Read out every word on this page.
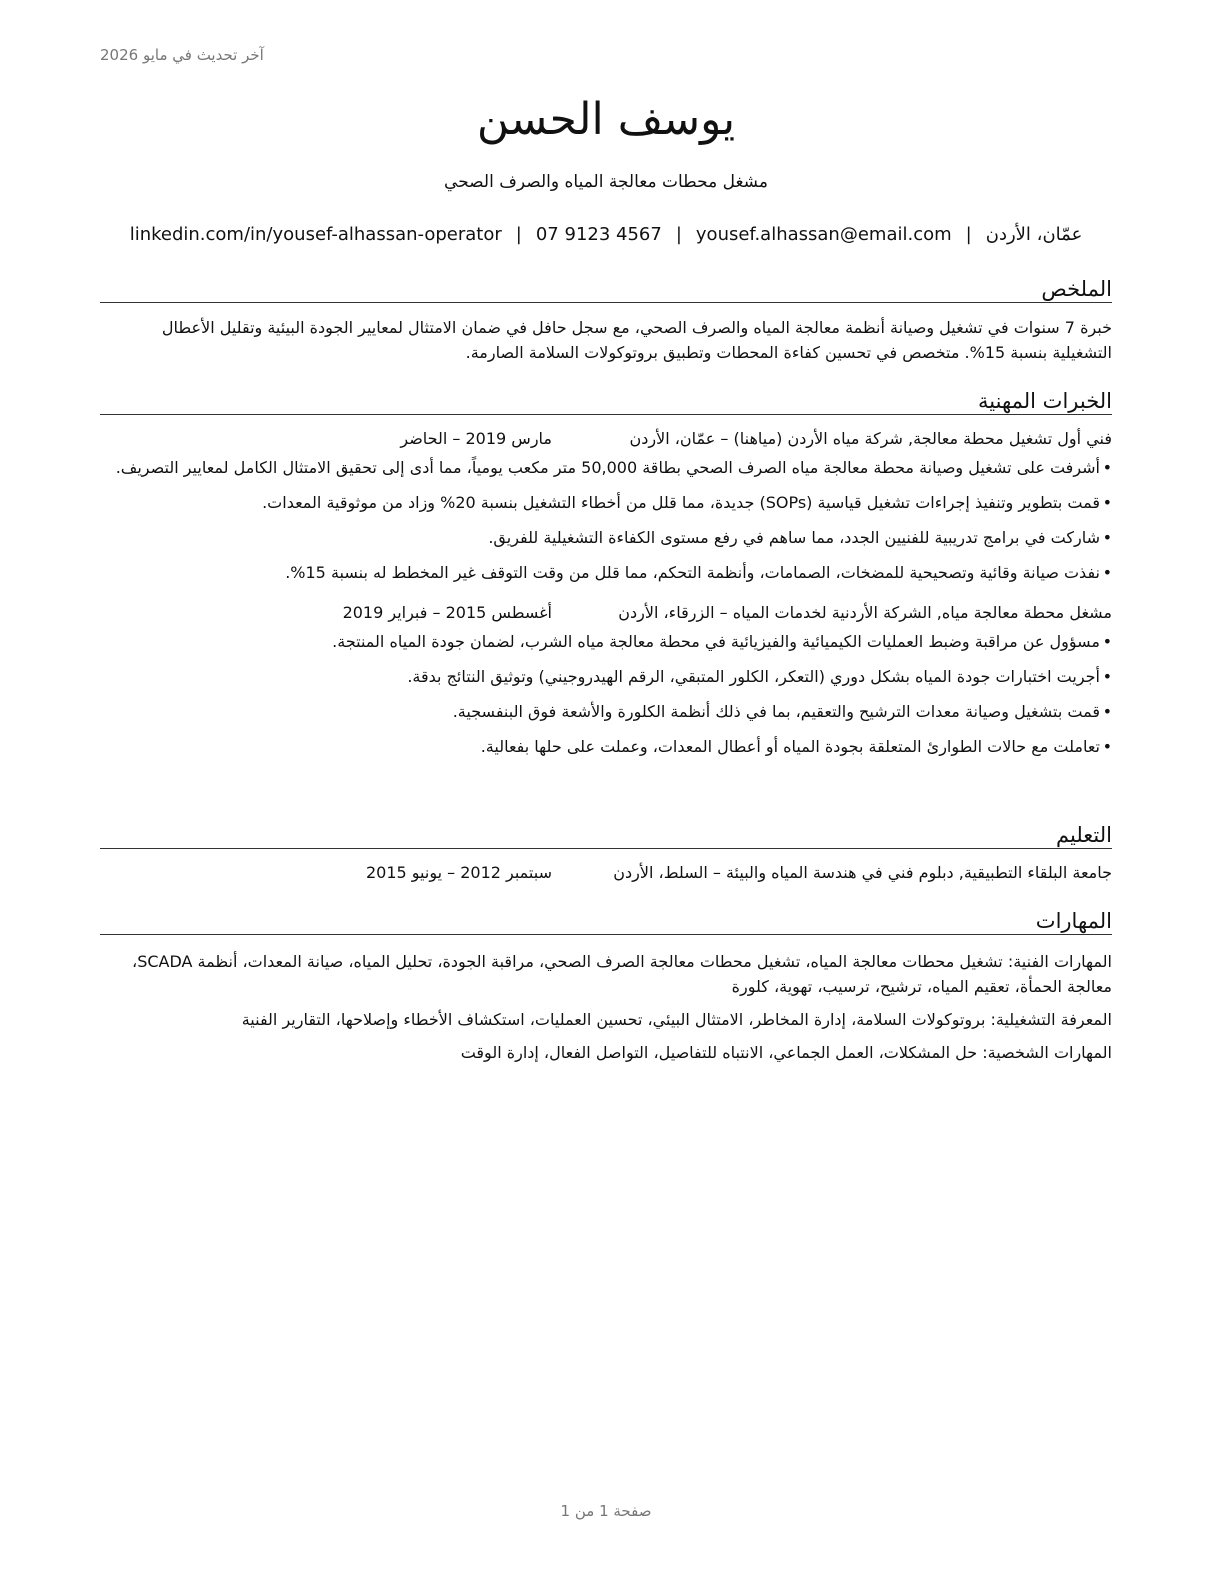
آخر تحديث في مايو 2026
يوسف الحسن
مشغل محطات معالجة المياه والصرف الصحي
عمّان، الأردن|yousef.alhassan@email.com|07 9123 4567|linkedin.com/in/yousef-alhassan-operator
الملخص
خبرة 7 سنوات في تشغيل وصيانة أنظمة معالجة المياه والصرف الصحي، مع سجل حافل في ضمان الامتثال لمعايير الجودة البيئية وتقليل الأعطال التشغيلية بنسبة 15%. متخصص في تحسين كفاءة المحطات وتطبيق بروتوكولات السلامة الصارمة.
الخبرات المهنية
فني أول تشغيل محطة معالجة, شركة مياه الأردن (مياهنا) – عمّان، الأردن
مارس 2019 – الحاضر
• أشرفت على تشغيل وصيانة محطة معالجة مياه الصرف الصحي بطاقة 50,000 متر مكعب يومياً، مما أدى إلى تحقيق الامتثال الكامل لمعايير التصريف.
• قمت بتطوير وتنفيذ إجراءات تشغيل قياسية (SOPs) جديدة، مما قلل من أخطاء التشغيل بنسبة 20% وزاد من موثوقية المعدات.
• شاركت في برامج تدريبية للفنيين الجدد، مما ساهم في رفع مستوى الكفاءة التشغيلية للفريق.
• نفذت صيانة وقائية وتصحيحية للمضخات، الصمامات، وأنظمة التحكم، مما قلل من وقت التوقف غير المخطط له بنسبة 15%.
مشغل محطة معالجة مياه, الشركة الأردنية لخدمات المياه – الزرقاء، الأردن
أغسطس 2015 – فبراير 2019
• مسؤول عن مراقبة وضبط العمليات الكيميائية والفيزيائية في محطة معالجة مياه الشرب، لضمان جودة المياه المنتجة.
• أجريت اختبارات جودة المياه بشكل دوري (التعكر، الكلور المتبقي، الرقم الهيدروجيني) وتوثيق النتائج بدقة.
• قمت بتشغيل وصيانة معدات الترشيح والتعقيم، بما في ذلك أنظمة الكلورة والأشعة فوق البنفسجية.
• تعاملت مع حالات الطوارئ المتعلقة بجودة المياه أو أعطال المعدات، وعملت على حلها بفعالية.
التعليم
جامعة البلقاء التطبيقية, دبلوم فني في هندسة المياه والبيئة – السلط، الأردن
سبتمبر 2012 – يونيو 2015
المهارات
المهارات الفنية: تشغيل محطات معالجة المياه، تشغيل محطات معالجة الصرف الصحي، مراقبة الجودة، تحليل المياه، صيانة المعدات، أنظمة SCADA، معالجة الحمأة، تعقيم المياه، ترشيح، ترسيب، تهوية، كلورة
المعرفة التشغيلية: بروتوكولات السلامة، إدارة المخاطر، الامتثال البيئي، تحسين العمليات، استكشاف الأخطاء وإصلاحها، التقارير الفنية
المهارات الشخصية: حل المشكلات، العمل الجماعي، الانتباه للتفاصيل، التواصل الفعال، إدارة الوقت
صفحة 1 من 1
